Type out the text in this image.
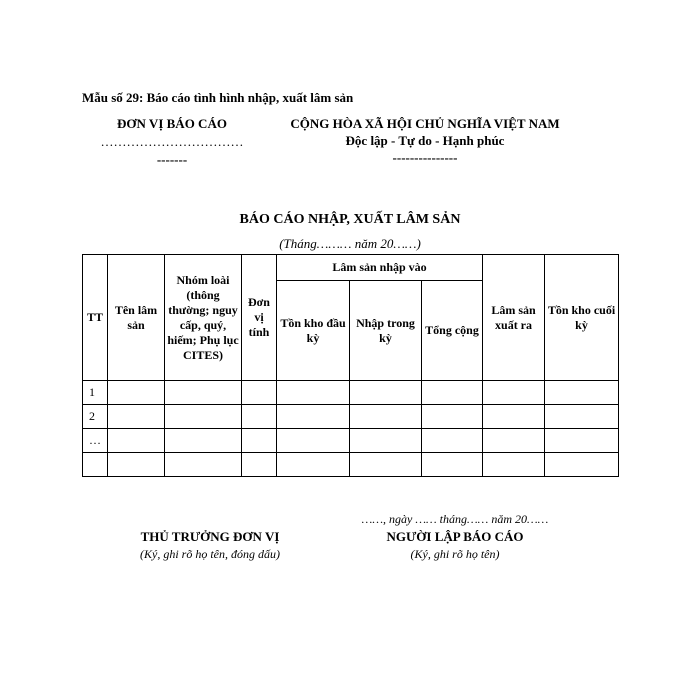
Mẫu số 29: Báo cáo tình hình nhập, xuất lâm sản
ĐƠN VỊ BÁO CÁO
……………………………
-------
CỘNG HÒA XÃ HỘI CHỦ NGHĨA VIỆT NAM
Độc lập - Tự do - Hạnh phúc
---------------
BÁO CÁO NHẬP, XUẤT LÂM SẢN
(Tháng……… năm 20……)
TT	Tên lâm sản	Nhóm loài (thông thường; nguy cấp, quý, hiếm; Phụ lục CITES)	Đơn vị tính	Lâm sản nhập vào			Lâm sản xuất ra	Tồn kho cuối kỳ
				Tồn kho đầu kỳ	Nhập trong kỳ	Tổng cộng		
1								
2								
…								

……, ngày …… tháng…… năm 20……
THỦ TRƯỞNG ĐƠN VỊ
(Ký, ghi rõ họ tên, đóng dấu)
NGƯỜI LẬP BÁO CÁO
(Ký, ghi rõ họ tên)
